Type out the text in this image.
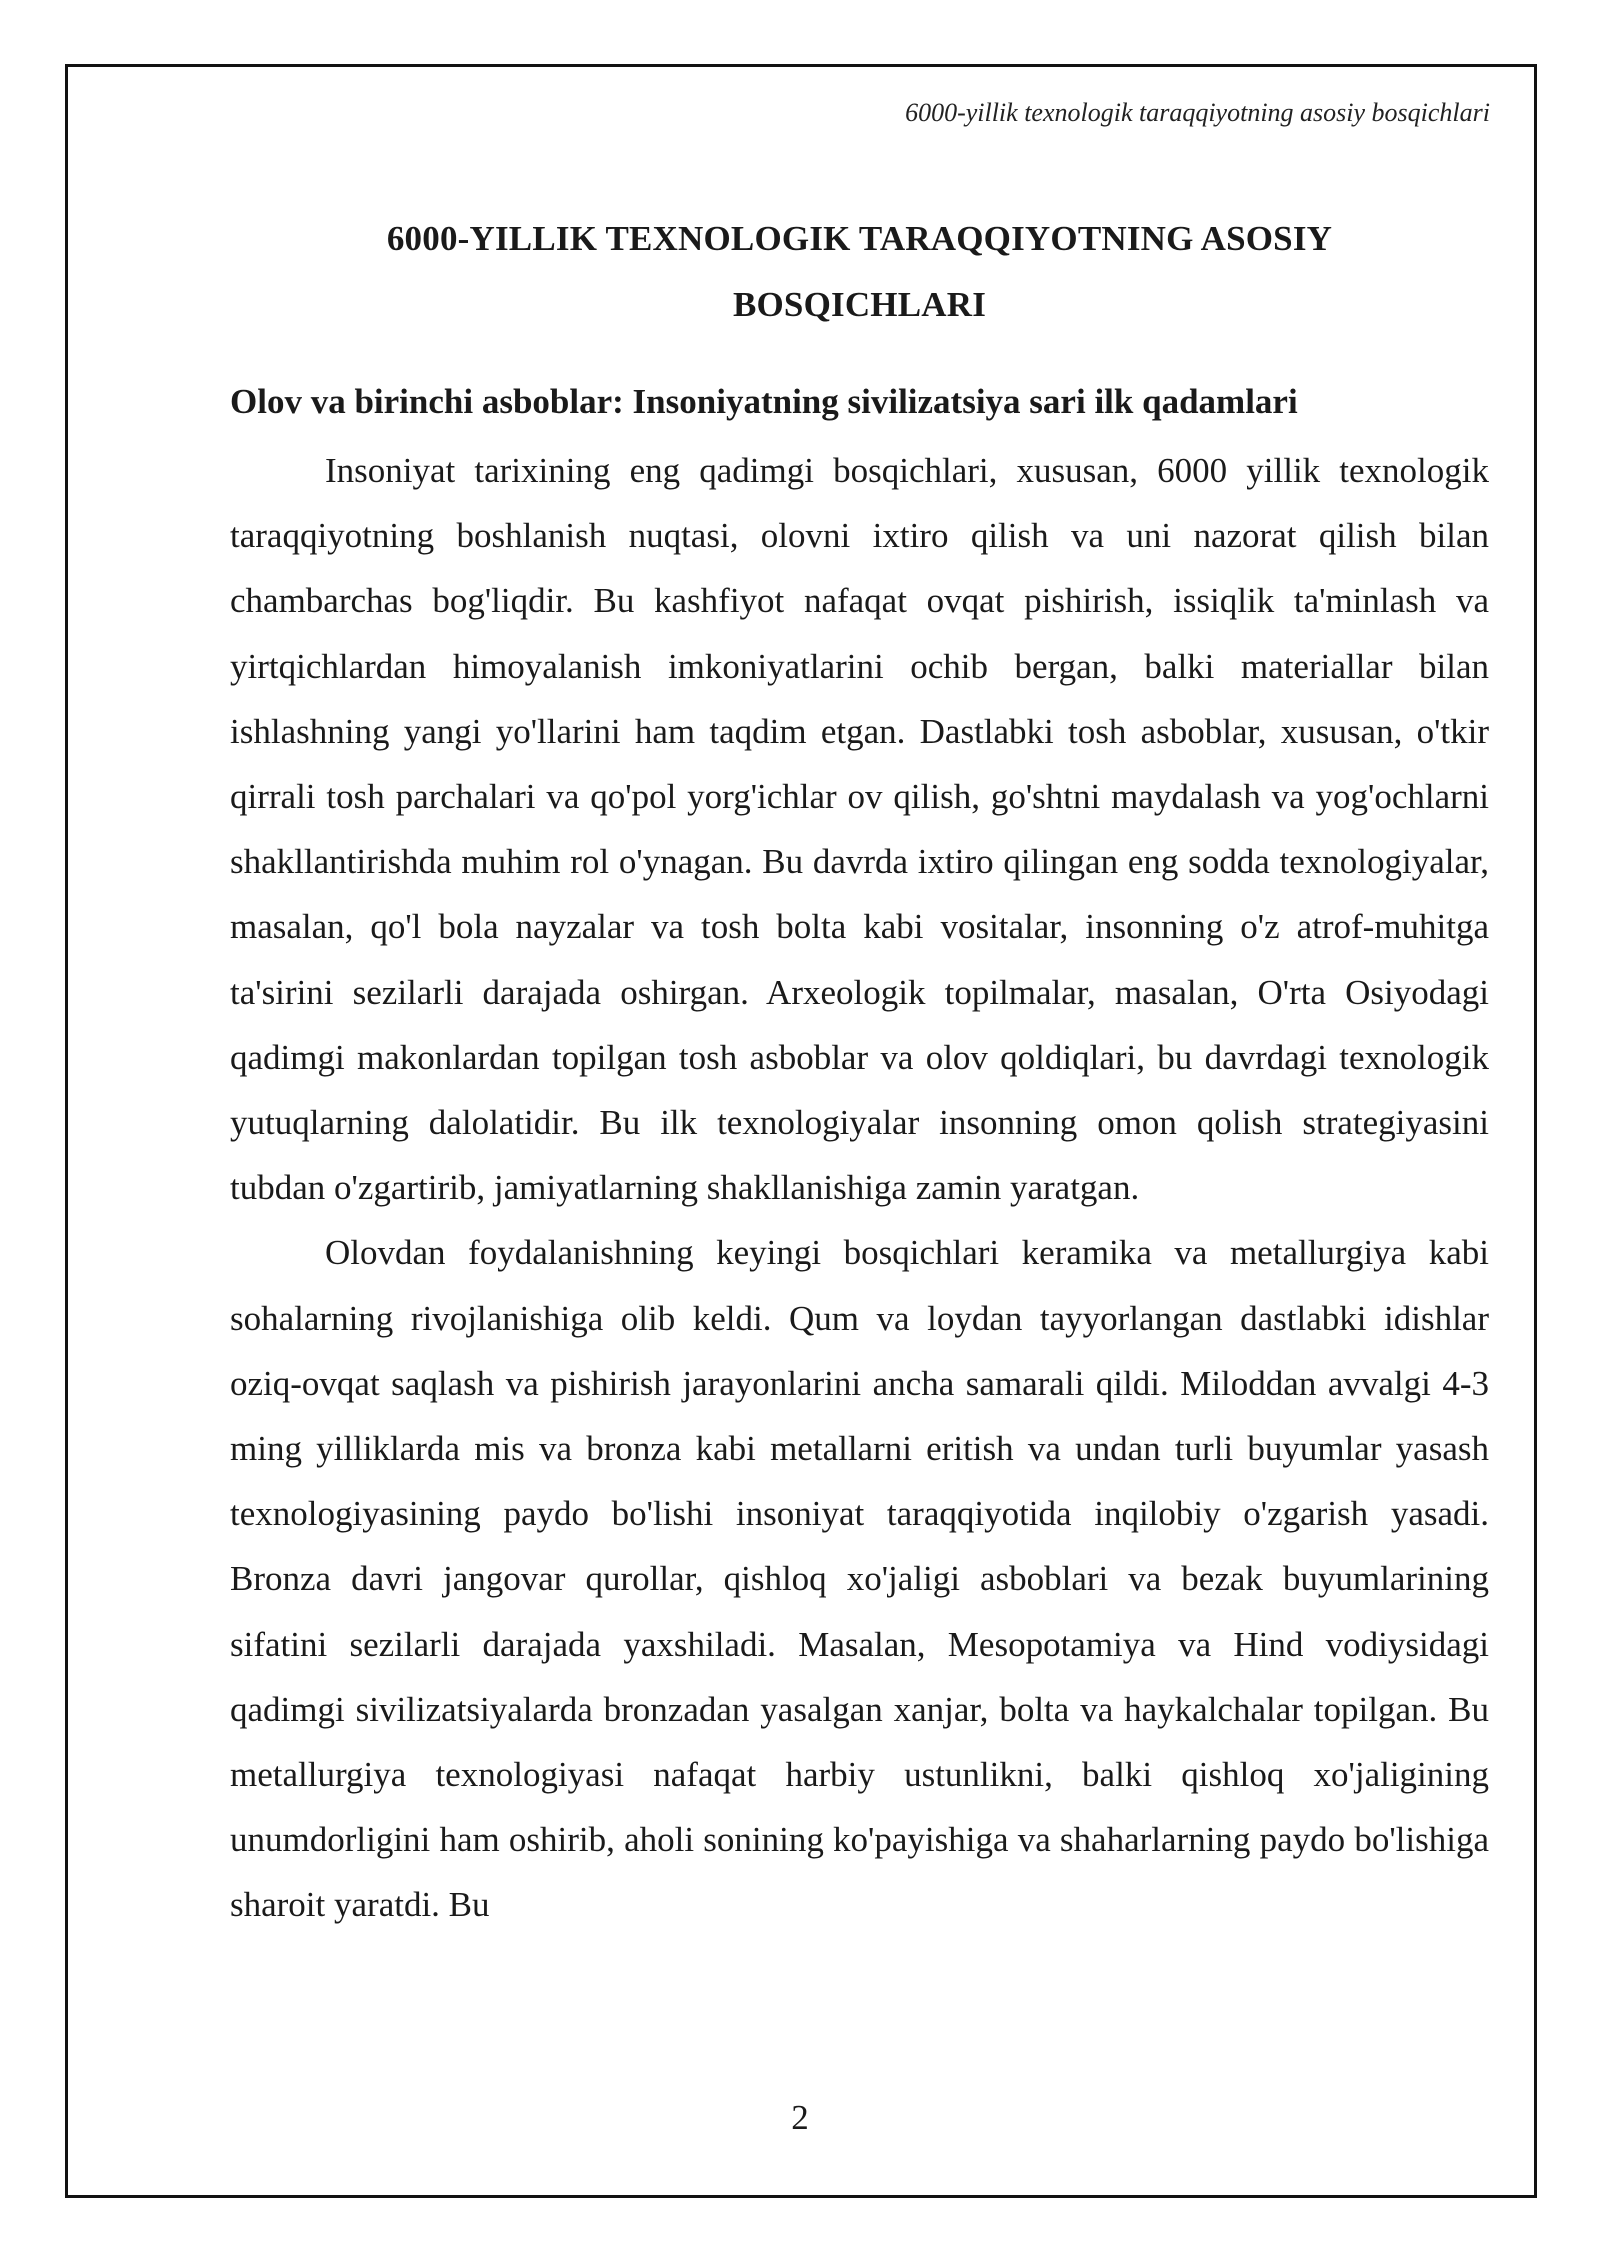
6000-yillik texnologik taraqqiyotning asosiy bosqichlari
6000-YILLIK TEXNOLOGIK TARAQQIYOTNING ASOSIY
BOSQICHLARI
Olov va birinchi asboblar: Insoniyatning sivilizatsiya sari ilk qadamlari

Insoniyat tarixining eng qadimgi bosqichlari, xususan, 6000 yillik texnologik taraqqiyotning boshlanish nuqtasi, olovni ixtiro qilish va uni nazorat qilish bilan chambarchas bog'liqdir. Bu kashfiyot nafaqat ovqat pishirish, issiqlik ta'minlash va yirtqichlardan himoyalanish imkoniyatlarini ochib bergan, balki materiallar bilan ishlashning yangi yo'llarini ham taqdim etgan. Dastlabki tosh asboblar, xususan, o'tkir qirrali tosh parchalari va qo'pol yorg'ichlar ov qilish, go'shtni maydalash va yog'ochlarni shakllantirishda muhim rol o'ynagan. Bu davrda ixtiro qilingan eng sodda texnologiyalar, masalan, qo'l bola nayzalar va tosh bolta kabi vositalar, insonning o'z atrof-muhitga ta'sirini sezilarli darajada oshirgan. Arxeologik topilmalar, masalan, O'rta Osiyodagi qadimgi makonlardan topilgan tosh asboblar va olov qoldiqlari, bu davrdagi texnologik yutuqlarning dalolatidir. Bu ilk texnologiyalar insonning omon qolish strategiyasini tubdan o'zgartirib, jamiyatlarning shakllanishiga zamin yaratgan.

Olovdan foydalanishning keyingi bosqichlari keramika va metallurgiya kabi sohalarning rivojlanishiga olib keldi. Qum va loydan tayyorlangan dastlabki idishlar oziq-ovqat saqlash va pishirish jarayonlarini ancha samarali qildi. Miloddan avvalgi 4-3 ming yilliklarda mis va bronza kabi metallarni eritish va undan turli buyumlar yasash texnologiyasining paydo bo'lishi insoniyat taraqqiyotida inqilobiy o'zgarish yasadi. Bronza davri jangovar qurollar, qishloq xo'jaligi asboblari va bezak buyumlarining sifatini sezilarli darajada yaxshiladi. Masalan, Mesopotamiya va Hind vodiysidagi qadimgi sivilizatsiyalarda bronzadan yasalgan xanjar, bolta va haykalchalar topilgan. Bu metallurgiya texnologiyasi nafaqat harbiy ustunlikni, balki qishloq xo'jaligining unumdorligini ham oshirib, aholi sonining ko'payishiga va shaharlarning paydo bo'lishiga sharoit yaratdi. Bu

2
